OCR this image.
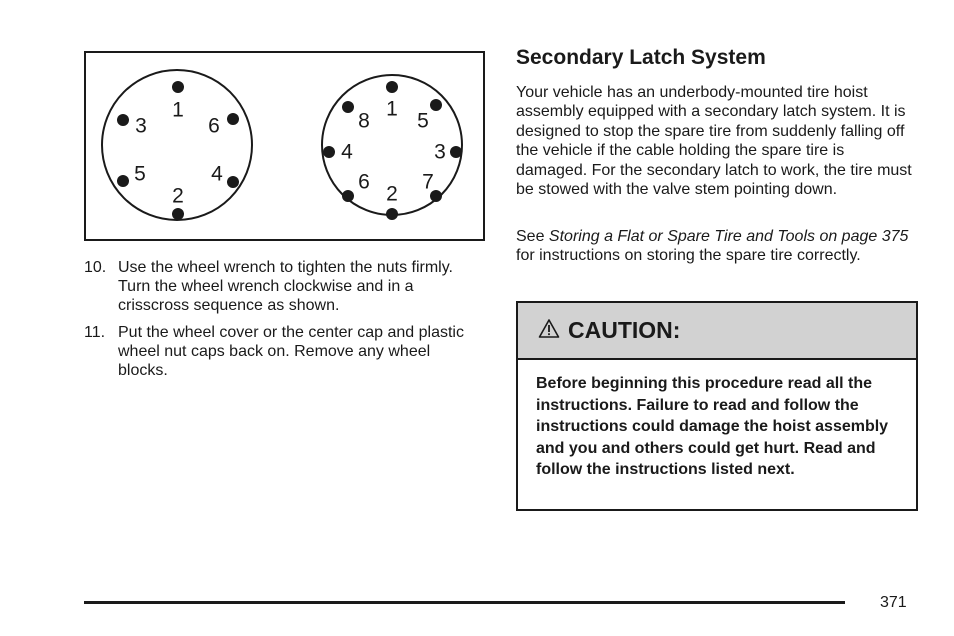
1
6
4
2
5
3
1
5
3
7
2
6
4
8
10. Use the wheel wrench to tighten the nuts firmly. Turn the wheel wrench clockwise and in a crisscross sequence as shown.
11. Put the wheel cover or the center cap and plastic wheel nut caps back on. Remove any wheel blocks.
Secondary Latch System

Your vehicle has an underbody-mounted tire hoist assembly equipped with a secondary latch system. It is designed to stop the spare tire from suddenly falling off the vehicle if the cable holding the spare tire is damaged. For the secondary latch to work, the tire must be stowed with the valve stem pointing down.

See Storing a Flat or Spare Tire and Tools on page 375 for instructions on storing the spare tire correctly.

CAUTION:
Before beginning this procedure read all the instructions. Failure to read and follow the instructions could damage the hoist assembly and you and others could get hurt. Read and follow the instructions listed next.
371
